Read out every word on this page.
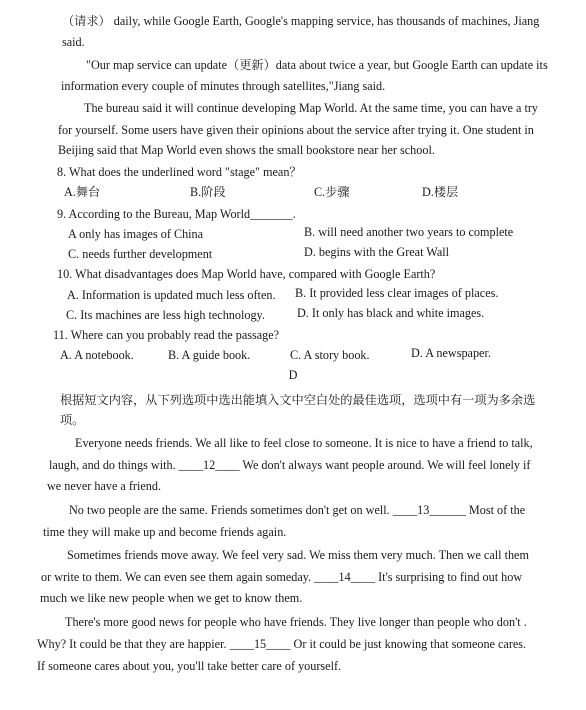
（请求） daily, while Google Earth, Google's mapping service, has thousands of machines, Jiang
said.
"Our map service can update（更新）data about twice a year, but Google Earth can update its
information every couple of minutes through satellites,"Jiang said.
The bureau said it will continue developing Map World. At the same time, you can have a try
for yourself. Some users have given their opinions about the service after trying it. One student in
Beijing said that Map World even shows the small bookstore near her school.
8. What does the underlined word "stage" mean？
A.舞台	B.阶段	C.步骤	D.楼层
9. According to the Bureau, Map World_______.
A only has images of China	B. will need another two years to complete
C. needs further development	D. begins with the Great Wall
10. What disadvantages does Map World have, compared with Google Earth?
A. Information is updated much less often. B. It provided less clear images of places.
C. Its machines are less high technology.	D. It only has black and white images.
11. Where can you probably read the passage?
A. A notebook.	B. A guide book.	C. A story book.	D. A newspaper.
D
根据短文内容，从下列选项中选出能填入文中空白处的最佳选项，选项中有一项为多余选
项。
Everyone needs friends. We all like to feel close to someone. It is nice to have a friend to talk,
laugh, and do things with. ____12____ We don't always want people around. We will feel lonely if
we never have a friend.
No two people are the same. Friends sometimes don't get on well. ____13______ Most of the
time they will make up and become friends again.
Sometimes friends move away. We feel very sad. We miss them very much. Then we call them
or write to them. We can even see them again someday. ____14____ It's surprising to find out how
much we like new people when we get to know them.
There's more good news for people who have friends. They live longer than people who don't .
Why? It could be that they are happier. ____15____ Or it could be just knowing that someone cares.
If someone cares about you, you'll take better care of yourself.
